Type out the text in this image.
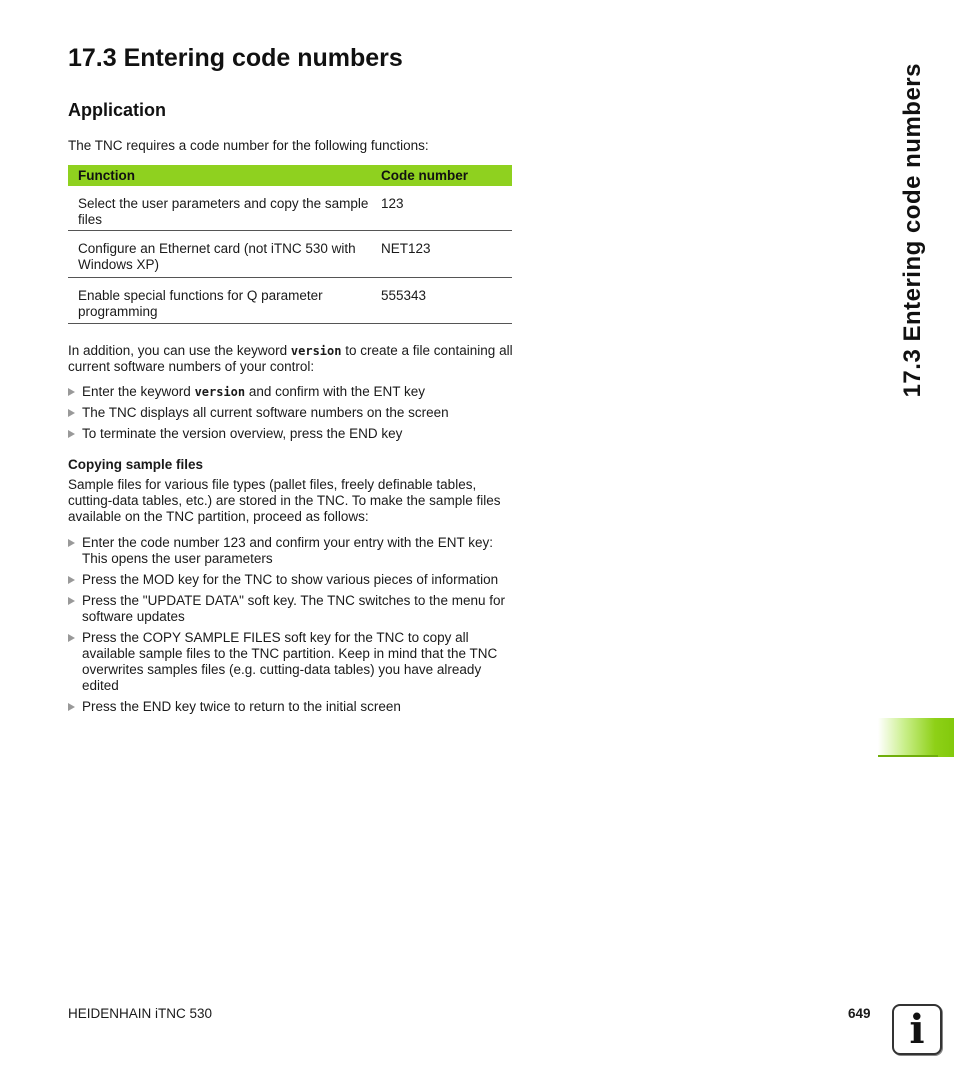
17.3 Entering code numbers
Application

The TNC requires a code number for the following functions:

Function	Code number
Select the user parameters and copy the sample files	123
Configure an Ethernet card (not iTNC 530 with Windows XP)	NET123
Enable special functions for Q parameter programming	555343

In addition, you can use the keyword version to create a file containing all current software numbers of your control:

Enter the keyword version and confirm with the ENT key
The TNC displays all current software numbers on the screen
To terminate the version overview, press the END key
Copying sample files

Sample files for various file types (pallet files, freely definable tables, cutting-data tables, etc.) are stored in the TNC. To make the sample files available on the TNC partition, proceed as follows:

Enter the code number 123 and confirm your entry with the ENT key: This opens the user parameters
Press the MOD key for the TNC to show various pieces of information
Press the "UPDATE DATA" soft key. The TNC switches to the menu for software updates
Press the COPY SAMPLE FILES soft key for the TNC to copy all available sample files to the TNC partition. Keep in mind that the TNC overwrites samples files (e.g. cutting-data tables) you have already edited
Press the END key twice to return to the initial screen
17.3 Entering code numbers

HEIDENHAIN iTNC 530	649 i
